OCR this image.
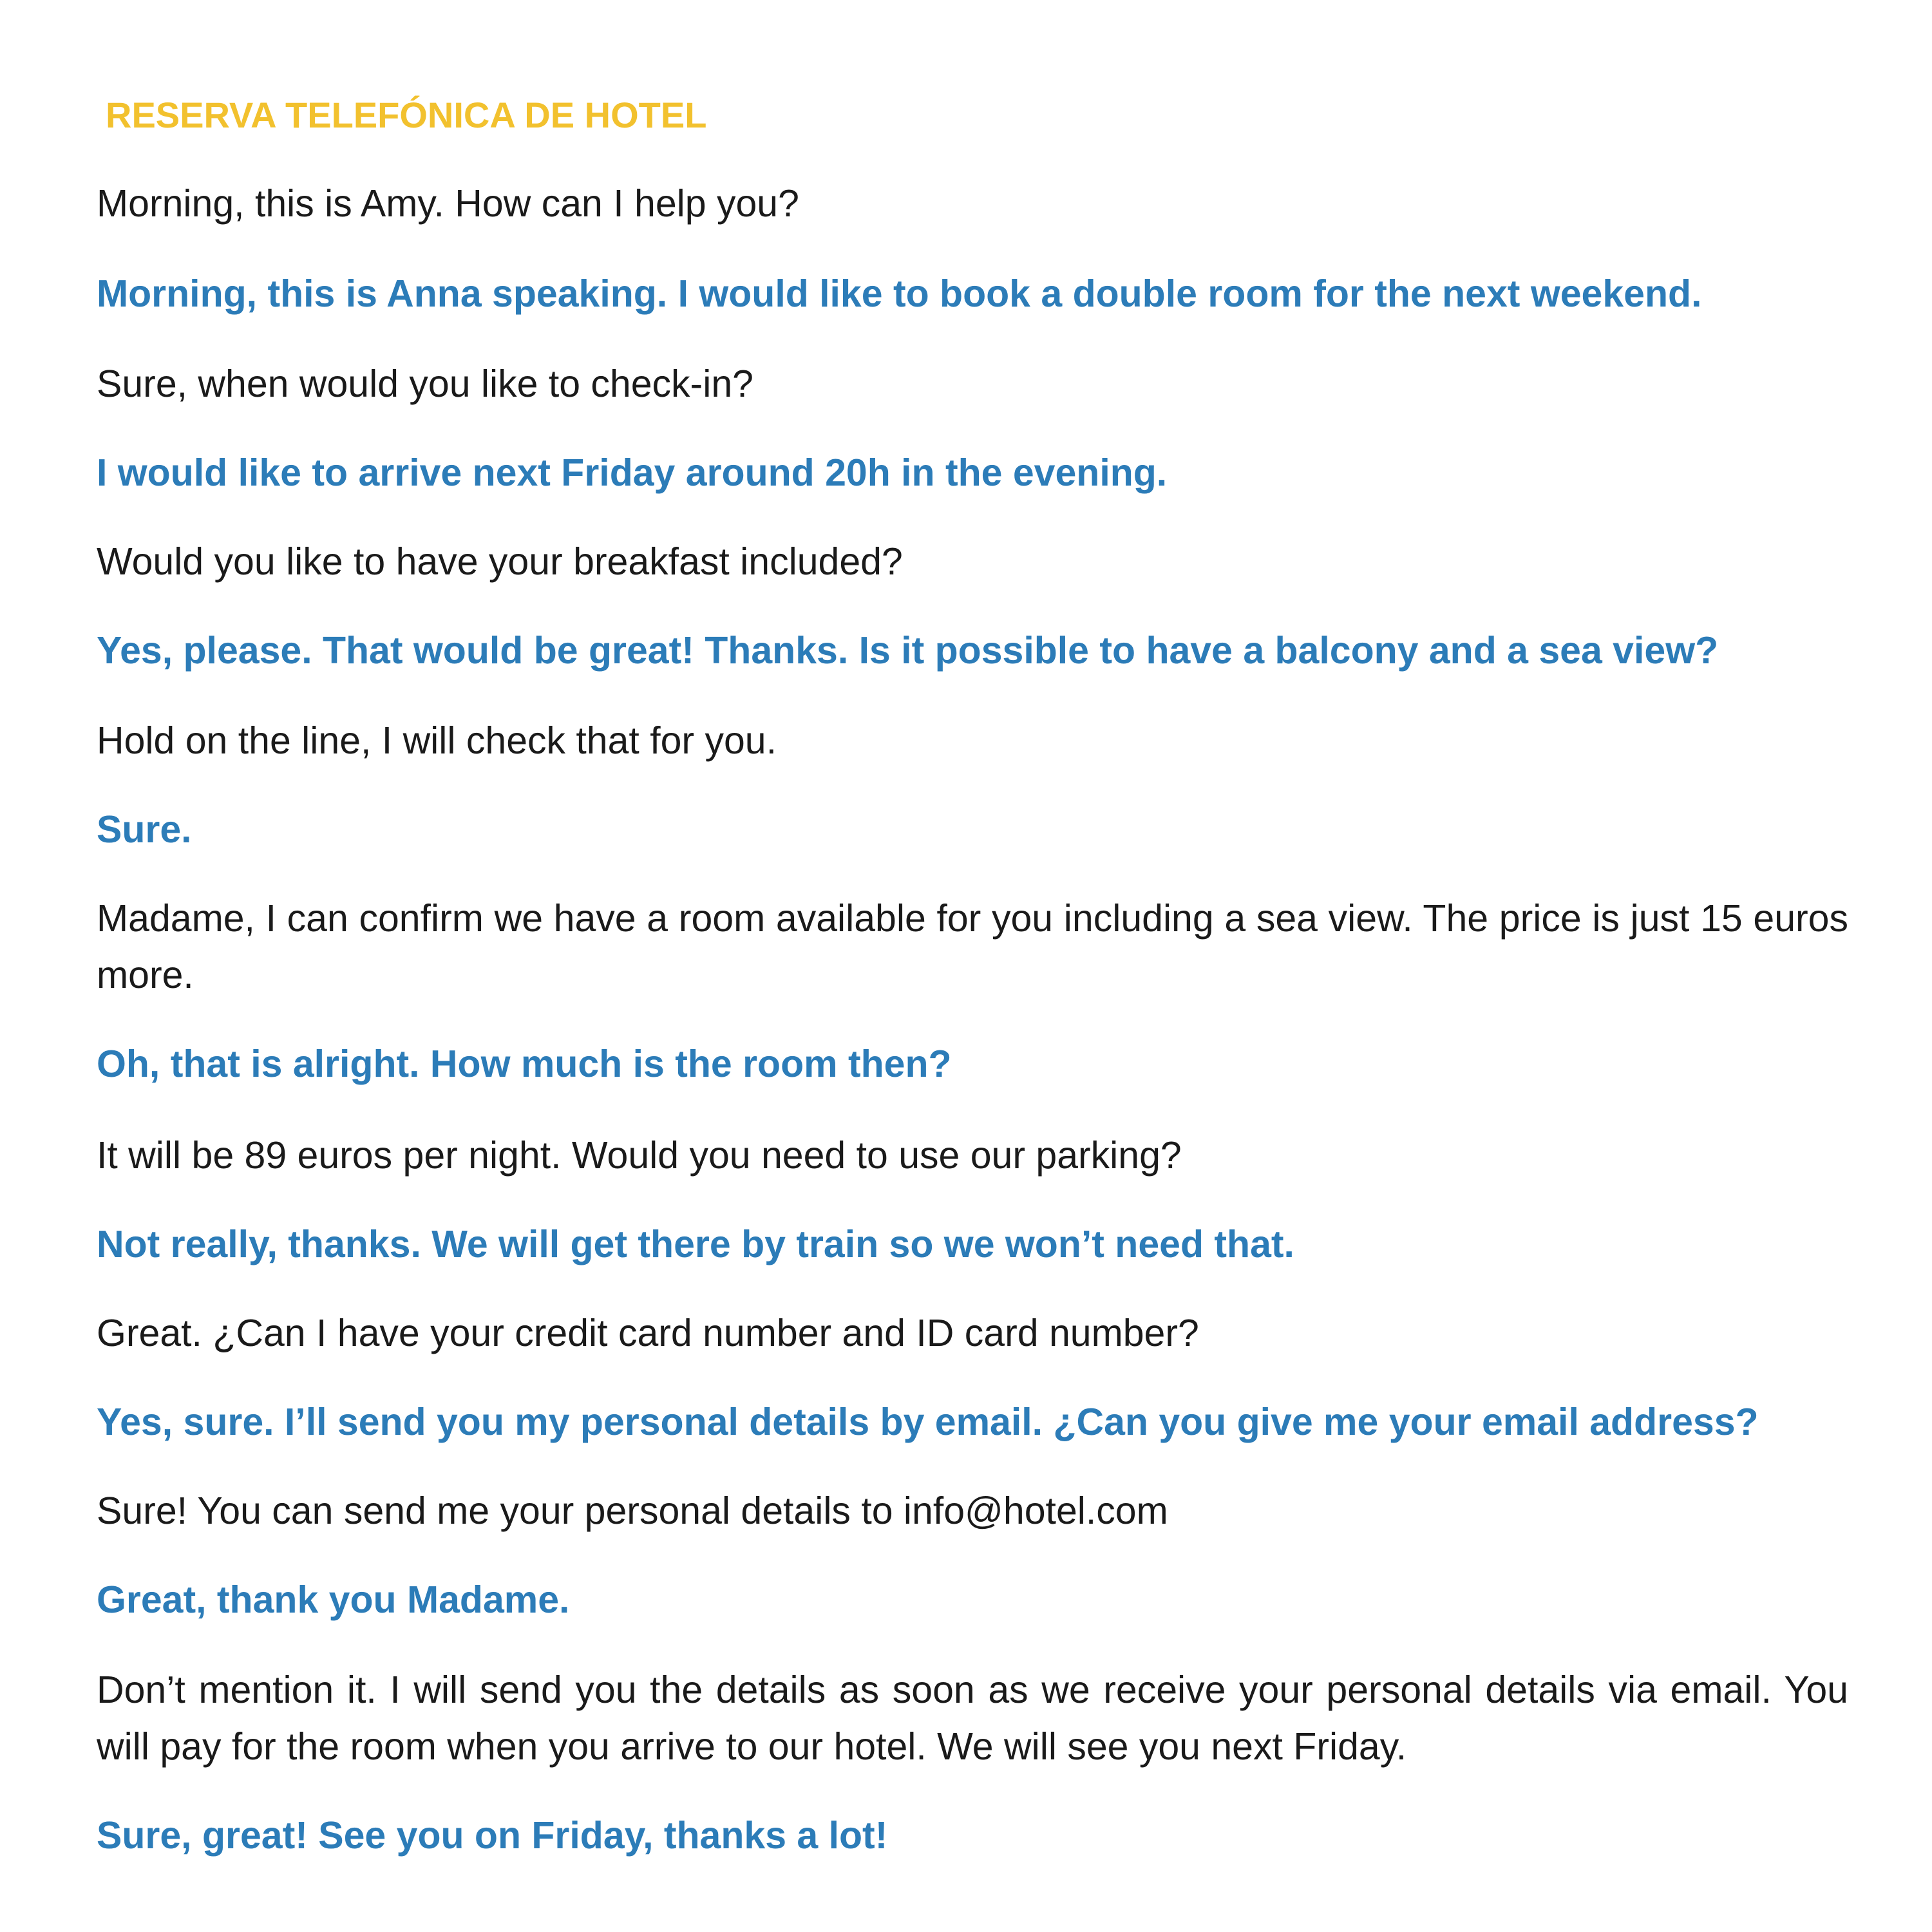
RESERVA TELEFÓNICA DE HOTEL

Morning, this is Amy. How can I help you?

Morning, this is Anna speaking. I would like to book a double room for the next weekend.

Sure, when would you like to check-in?

I would like to arrive next Friday around 20h in the evening.

Would you like to have your breakfast included?

Yes, please. That would be great! Thanks. Is it possible to have a balcony and a sea view?

Hold on the line, I will check that for you.

Sure.

Madame, I can confirm we have a room available for you including a sea view. The price is just 15 euros more.

Oh, that is alright. How much is the room then?

It will be 89 euros per night. Would you need to use our parking?

Not really, thanks. We will get there by train so we won’t need that.

Great. ¿Can I have your credit card number and ID card number?

Yes, sure. I’ll send you my personal details by email. ¿Can you give me your email address?

Sure! You can send me your personal details to info@hotel.com

Great, thank you Madame.

Don’t mention it. I will send you the details as soon as we receive your personal details via email. You will pay for the room when you arrive to our hotel. We will see you next Friday.

Sure, great! See you on Friday, thanks a lot!
